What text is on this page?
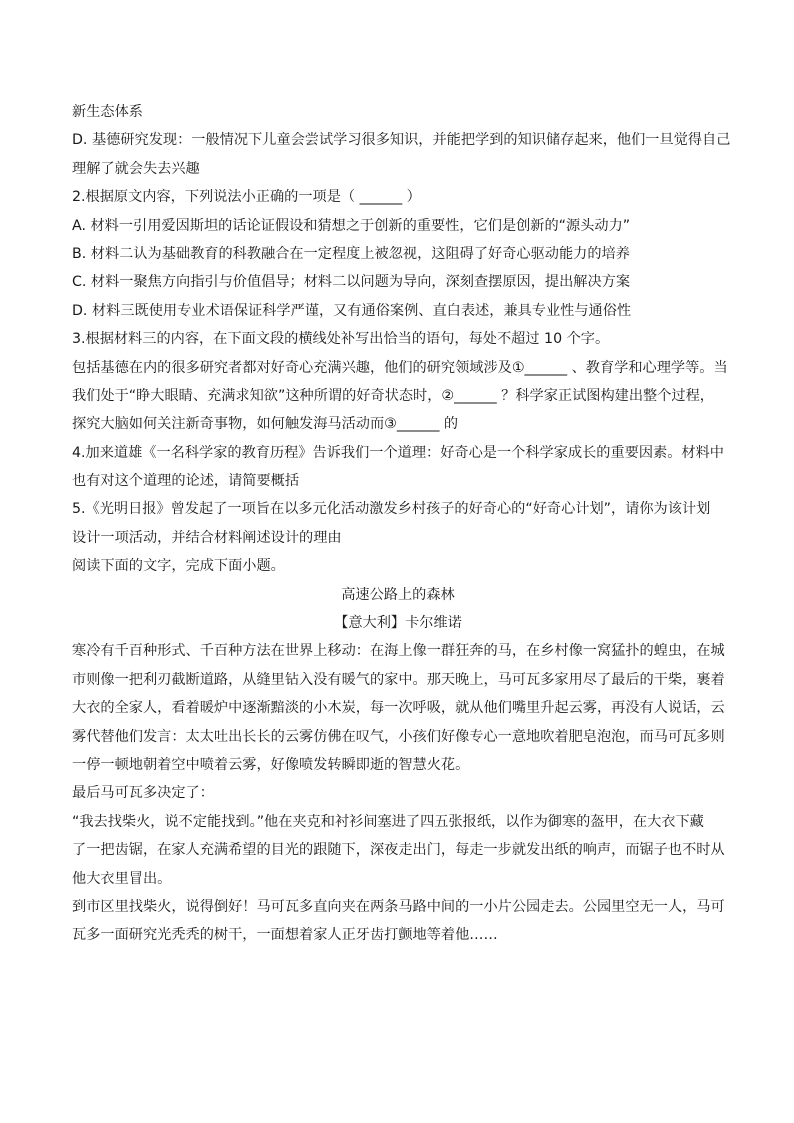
新生态体系
D. 基德研究发现：一般情况下儿童会尝试学习很多知识，并能把学到的知识储存起来，他们一旦觉得自己
理解了就会失去兴趣
2.根据原文内容，下列说法小正确的一项是（ ______ ）
A. 材料一引用爱因斯坦的话论证假设和猜想之于创新的重要性，它们是创新的“源头动力”
B. 材料二认为基础教育的科教融合在一定程度上被忽视，这阻碍了好奇心驱动能力的培养
C. 材料一聚焦方向指引与价值倡导；材料二以问题为导向，深刻查摆原因，提出解决方案
D. 材料三既使用专业术语保证科学严谨，又有通俗案例、直白表述，兼具专业性与通俗性
3.根据材料三的内容，在下面文段的横线处补写出恰当的语句，每处不超过 10 个字。
包括基德在内的很多研究者都对好奇心充满兴趣，他们的研究领域涉及①______ 、教育学和心理学等。当
我们处于“睁大眼睛、充满求知欲”这种所谓的好奇状态时，②______ ？科学家正试图构建出整个过程，
探究大脑如何关注新奇事物，如何触发海马活动而③______ 的
4.加来道雄《一名科学家的教育历程》告诉我们一个道理：好奇心是一个科学家成长的重要因素。材料中
也有对这个道理的论述，请简要概括
5.《光明日报》曾发起了一项旨在以多元化活动激发乡村孩子的好奇心的“好奇心计划”，请你为该计划
设计一项活动，并结合材料阐述设计的理由
阅读下面的文字，完成下面小题。
高速公路上的森林
【意大利】卡尔维诺
寒冷有千百种形式、千百种方法在世界上移动：在海上像一群狂奔的马，在乡村像一窝猛扑的蝗虫，在城
市则像一把利刃截断道路，从缝里钻入没有暖气的家中。那天晚上，马可瓦多家用尽了最后的干柴，裹着
大衣的全家人，看着暖炉中逐渐黯淡的小木炭，每一次呼吸，就从他们嘴里升起云雾，再没有人说话，云
雾代替他们发言：太太吐出长长的云雾仿佛在叹气，小孩们好像专心一意地吹着肥皂泡泡，而马可瓦多则
一停一顿地朝着空中喷着云雾，好像喷发转瞬即逝的智慧火花。
最后马可瓦多决定了：
“我去找柴火，说不定能找到。”他在夹克和衬衫间塞进了四五张报纸，以作为御寒的盔甲，在大衣下藏
了一把齿锯，在家人充满希望的目光的跟随下，深夜走出门，每走一步就发出纸的响声，而锯子也不时从
他大衣里冒出。
到市区里找柴火，说得倒好！马可瓦多直向夹在两条马路中间的一小片公园走去。公园里空无一人，马可
瓦多一面研究光秃秃的树干，一面想着家人正牙齿打颤地等着他……
